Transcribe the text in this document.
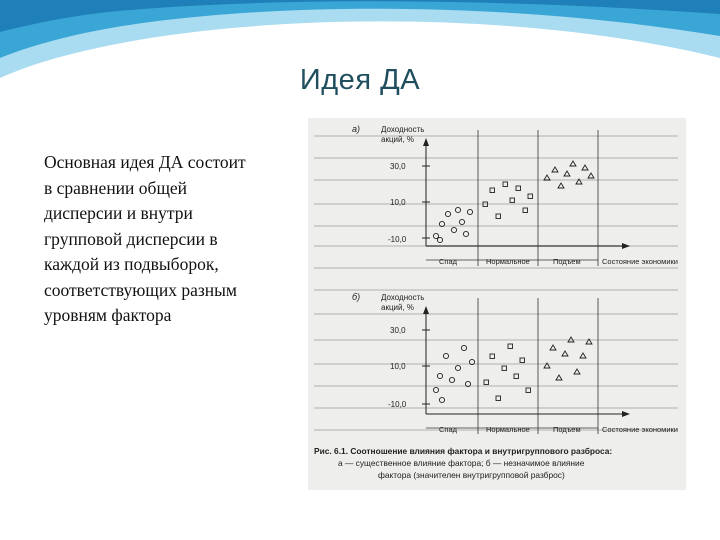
Идея ДА
Основная идея ДА состоит
в сравнении общей
дисперсии и внутри
групповой дисперсии в
каждой из подвыборок,
соответствующих разным
уровням фактора
а)	Доходность
акций, %
30,0
10,0
-10,0
Спад	Нормальное	Подъем	Состояние экономики
б)	Доходность
акций, %
30,0
10,0
-10,0
Спад	Нормальное	Подъем	Состояние экономики
Рис. 6.1. Соотношение влияния фактора и внутригруппового разброса:
а — существенное влияние фактора; б — незначимое влияние
фактора (значителен внутригрупповой разброс)
